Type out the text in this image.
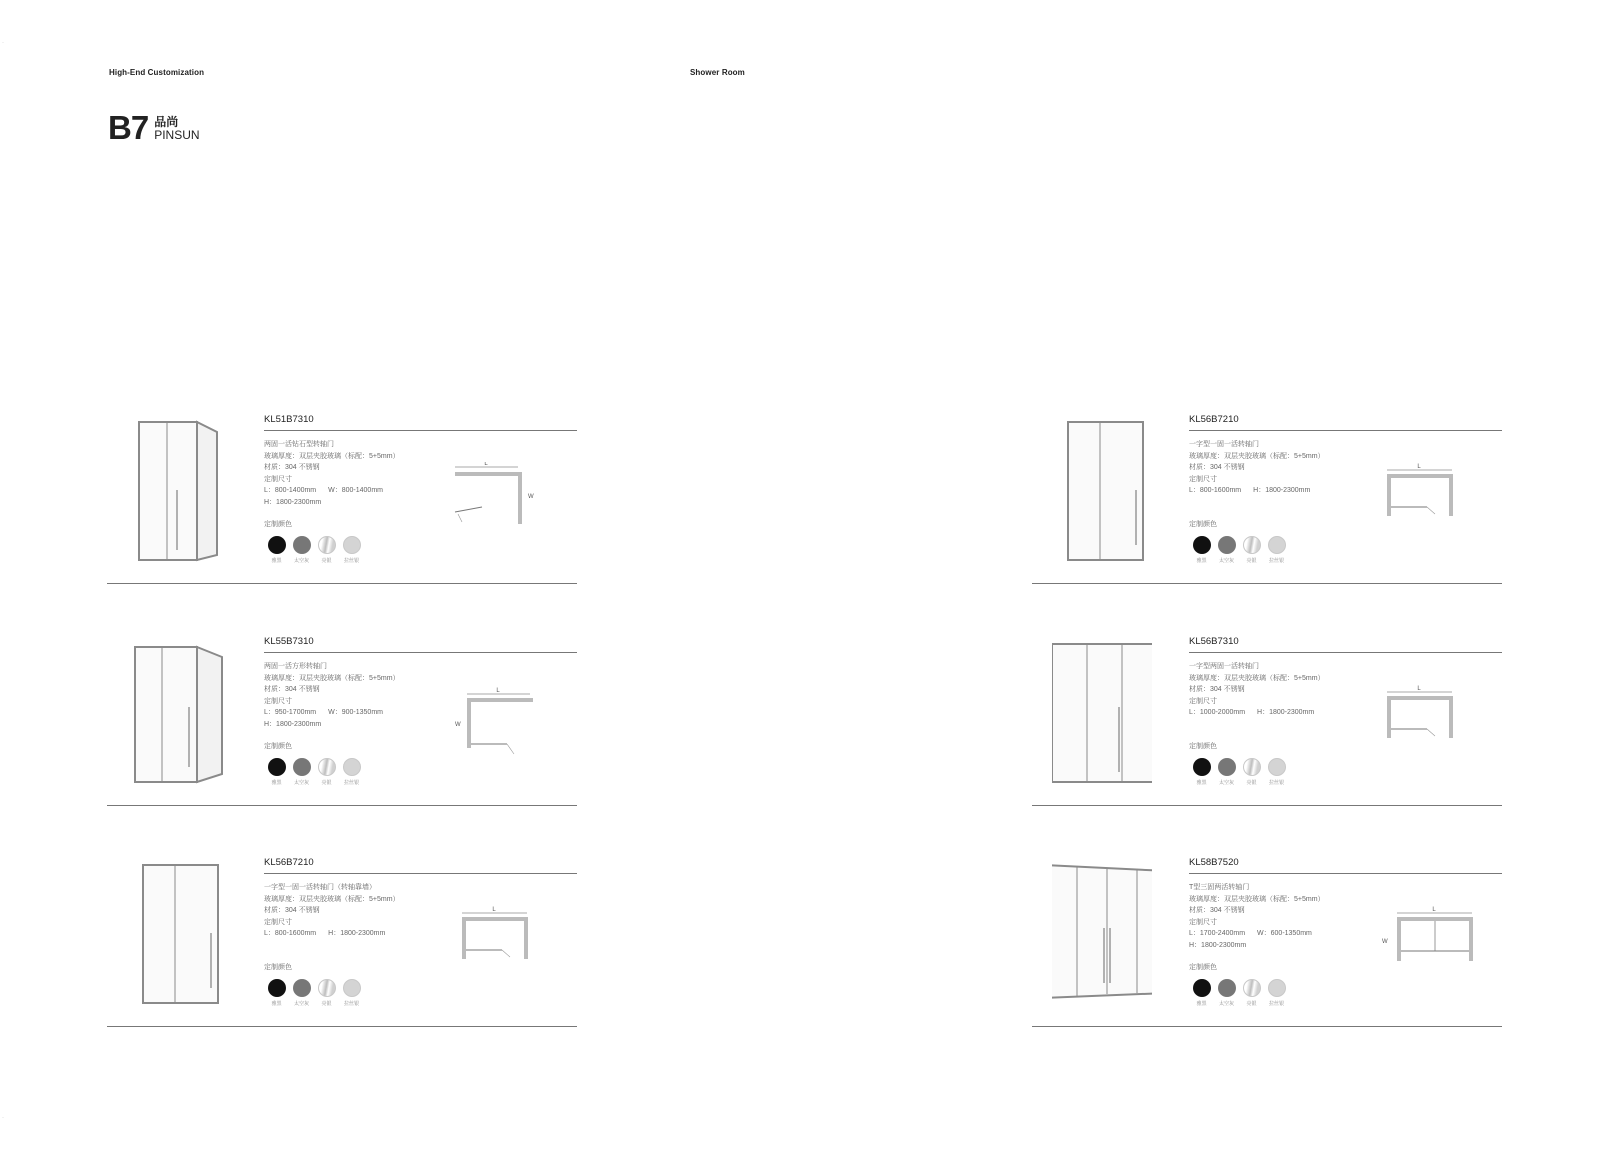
High-End Customization	Shower Room
B7 品尚
PINSUN
KL51B7310
两固一活钻石型转轴门
玻璃厚度：双层夹胶玻璃（标配：5+5mm）
材质：304 不锈钢
定制尺寸
L：800-1400mm W：800-1400mm
H：1800-2300mm
定制颜色
雅黑	太空灰	亮银	拉丝银
L
W
KL55B7310
两固一活方形转轴门
玻璃厚度：双层夹胶玻璃（标配：5+5mm）
材质：304 不锈钢
定制尺寸
L：950-1700mm W：900-1350mm
H：1800-2300mm
定制颜色
雅黑	太空灰	亮银	拉丝银
L
W
KL56B7210
一字型一固一活转轴门（转轴靠墙）
玻璃厚度：双层夹胶玻璃（标配：5+5mm）
材质：304 不锈钢
定制尺寸
L：800-1600mm H：1800-2300mm
定制颜色
雅黑	太空灰	亮银	拉丝银
L
KL56B7210
一字型一固一活转轴门
玻璃厚度：双层夹胶玻璃（标配：5+5mm）
材质：304 不锈钢
定制尺寸
L：800-1600mm H：1800-2300mm
定制颜色
雅黑	太空灰	亮银	拉丝银
L
KL56B7310
一字型两固一活转轴门
玻璃厚度：双层夹胶玻璃（标配：5+5mm）
材质：304 不锈钢
定制尺寸
L：1000-2000mm H：1800-2300mm
定制颜色
雅黑	太空灰	亮银	拉丝银
L
KL58B7520
T型三固两活转轴门
玻璃厚度：双层夹胶玻璃（标配：5+5mm）
材质：304 不锈钢
定制尺寸
L：1700-2400mm W：600-1350mm
H：1800-2300mm
定制颜色
雅黑	太空灰	亮银	拉丝银
L
W
·
·
